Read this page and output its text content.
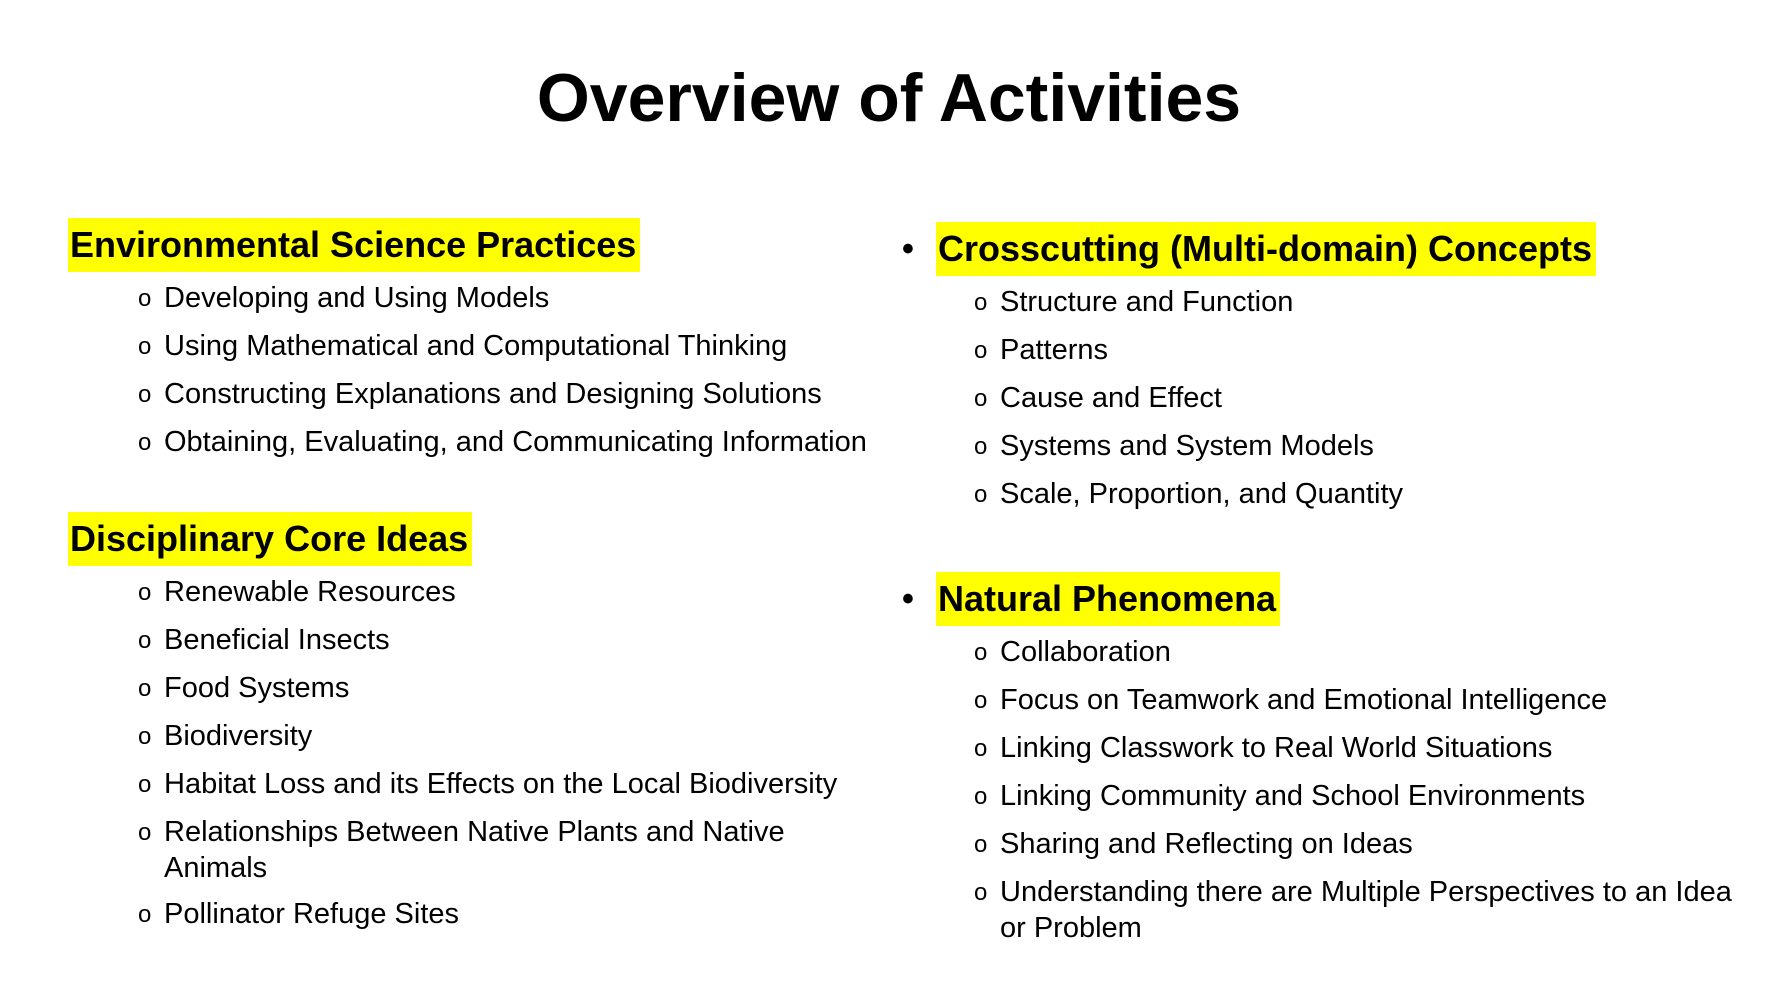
Overview of Activities
Environmental Science Practices
o Developing and Using Models
o Using Mathematical and Computational Thinking
o Constructing Explanations and Designing Solutions
o Obtaining, Evaluating, and Communicating Information
Disciplinary Core Ideas
o Renewable Resources
o Beneficial Insects
o Food Systems
o Biodiversity
o Habitat Loss and its Effects on the Local Biodiversity
o Relationships Between Native Plants and Native Animals
o Pollinator Refuge Sites
• Crosscutting (Multi-domain) Concepts
o Structure and Function
o Patterns
o Cause and Effect
o Systems and System Models
o Scale, Proportion, and Quantity
• Natural Phenomena
o Collaboration
o Focus on Teamwork and Emotional Intelligence
o Linking Classwork to Real World Situations
o Linking Community and School Environments
o Sharing and Reflecting on Ideas
o Understanding there are Multiple Perspectives to an Idea or Problem
